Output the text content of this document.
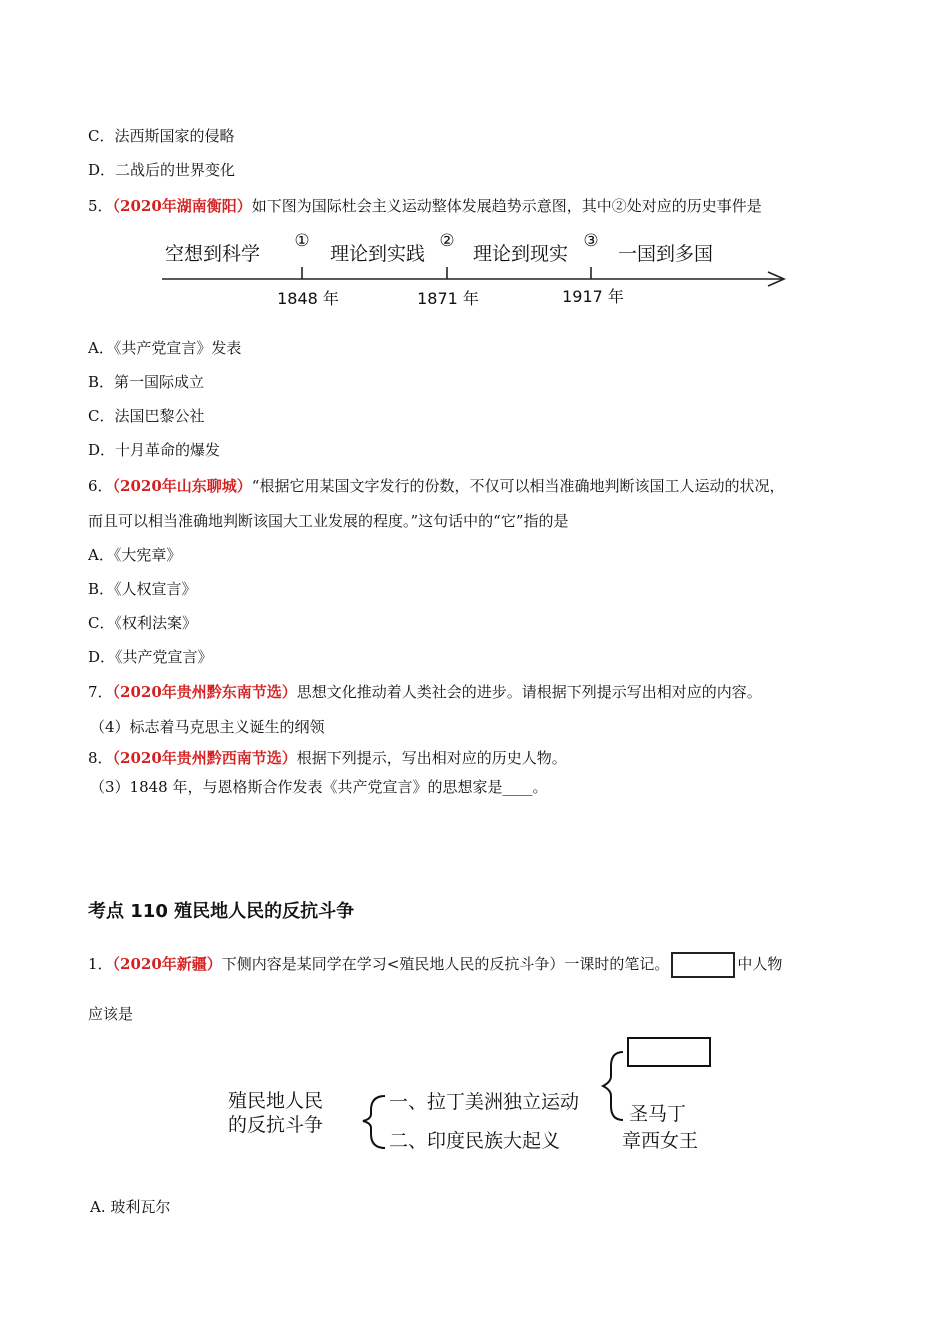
C．法西斯国家的侵略
D．二战后的世界变化
5．（2020年湖南衡阳）如下图为国际杜会主义运动整体发展趋势示意图，其中②处对应的历史事件是
空想到科学	理论到实践	理论到现实	一国到多国
①	②	③
1848 年	1871 年	1917 年
A．《共产党宣言》发表
B．第一国际成立
C．法国巴黎公社
D．十月革命的爆发
6．（2020年山东聊城）“根据它用某国文字发行的份数，不仅可以相当准确地判断该国工人运动的状况，
而且可以相当准确地判断该国大工业发展的程度。”这句话中的“它”指的是
A．《大宪章》
B．《人权宣言》
C．《权利法案》
D．《共产党宣言》
7．（2020年贵州黔东南节选）思想文化推动着人类社会的进步。请根据下列提示写出相对应的内容。
（4）标志着马克思主义诞生的纲领
8．（2020年贵州黔西南节选）根据下列提示，写出相对应的历史人物。
（3）1848 年，与恩格斯合作发表《共产党宣言》的思想家是____。
考点 110 殖民地人民的反抗斗争
1．（2020年新疆）下侧内容是某同学在学习<殖民地人民的反抗斗争）一课时的笔记。	中人物
应该是
殖民地人民
的反抗斗争
一、拉丁美洲独立运动
二、印度民族大起义
圣马丁
章西女王
A. 玻利瓦尔
